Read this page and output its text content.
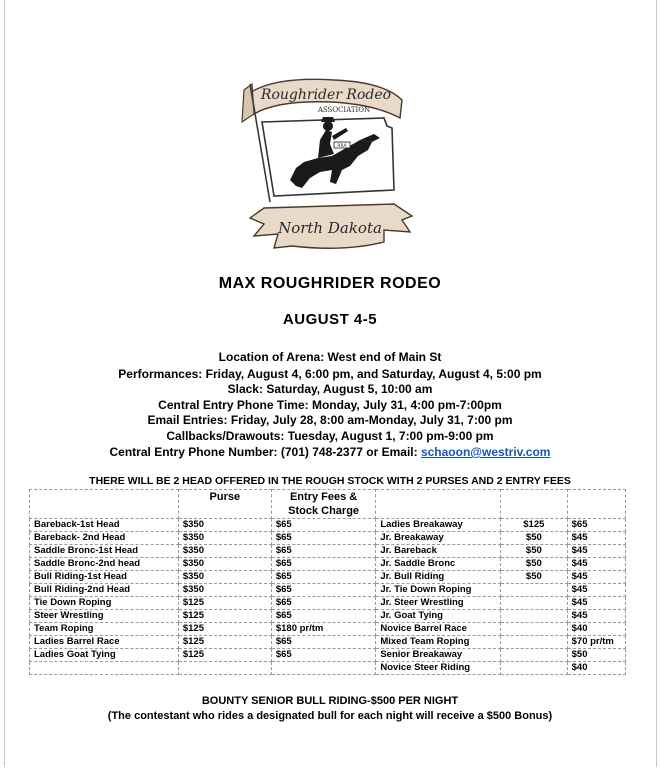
Roughrider Rodeo
ASSOCIATION
RRA
North Dakota
MAX ROUGHRIDER RODEO
AUGUST 4-5
Location of Arena: West end of Main St
Performances: Friday, August 4, 6:00 pm, and Saturday, August 4, 5:00 pm
Slack: Saturday, August 5, 10:00 am
Central Entry Phone Time: Monday, July 31, 4:00 pm-7:00pm
Email Entries: Friday, July 28, 8:00 am-Monday, July 31, 7:00 pm
Callbacks/Drawouts: Tuesday, August 1, 7:00 pm-9:00 pm
Central Entry Phone Number: (701) 748-2377 or Email: schaoon@westriv.com
THERE WILL BE 2 HEAD OFFERED IN THE ROUGH STOCK WITH 2 PURSES AND 2 ENTRY FEES
	Purse	Entry Fees & Stock Charge			
Bareback-1st Head	$350	$65	Ladies Breakaway	$125	$65
Bareback- 2nd Head	$350	$65	Jr. Breakaway	$50	$45
Saddle Bronc-1st Head	$350	$65	Jr. Bareback	$50	$45
Saddle Bronc-2nd head	$350	$65	Jr. Saddle Bronc	$50	$45
Bull Riding-1st Head	$350	$65	Jr. Bull Riding	$50	$45
Bull Riding-2nd Head	$350	$65	Jr. Tie Down Roping		$45
Tie Down Roping	$125	$65	Jr. Steer Wrestling		$45
Steer Wrestling	$125	$65	Jr. Goat Tying		$45
Team Roping	$125	$180 pr/tm	Novice Barrel Race		$40
Ladies Barrel Race	$125	$65	Mixed Team Roping		$70 pr/tm
Ladies Goat Tying	$125	$65	Senior Breakaway		$50
			Novice Steer Riding		$40
BOUNTY SENIOR BULL RIDING-$500 PER NIGHT
(The contestant who rides a designated bull for each night will receive a $500 Bonus)
